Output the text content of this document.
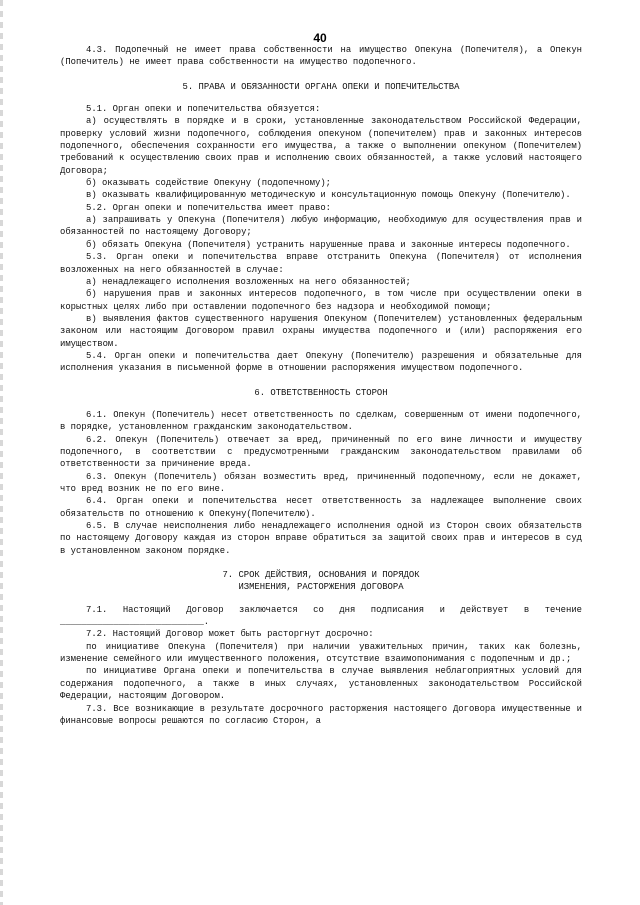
40

4.3. Подопечный не имеет права собственности на имущество Опекуна (Попечителя), а Опекун (Попечитель) не имеет права собственности на имущество подопечного.

5. ПРАВА И ОБЯЗАННОСТИ ОРГАНА ОПЕКИ И ПОПЕЧИТЕЛЬСТВА

5.1. Орган опеки и попечительства обязуется:

а) осуществлять в порядке и в сроки, установленные законодательством Российской Федерации, проверку условий жизни подопечного, соблюдения опекуном (попечителем) прав и законных интересов подопечного, обеспечения сохранности его имущества, а также о выполнении опекуном (Попечителем) требований к осуществлению своих прав и исполнению своих обязанностей, а также условий настоящего Договора;

б) оказывать содействие Опекуну (подопечному);

в) оказывать квалифицированную методическую и консультационную помощь Опекуну (Попечителю).

5.2. Орган опеки и попечительства имеет право:

а) запрашивать у Опекуна (Попечителя) любую информацию, необходимую для осуществления прав и обязанностей по настоящему Договору;

б) обязать Опекуна (Попечителя) устранить нарушенные права и законные интересы подопечного.

5.3. Орган опеки и попечительства вправе отстранить Опекуна (Попечителя) от исполнения возложенных на него обязанностей в случае:

а) ненадлежащего исполнения возложенных на него обязанностей;

б) нарушения прав и законных интересов подопечного, в том числе при осуществлении опеки в корыстных целях либо при оставлении подопечного без надзора и необходимой помощи;

в) выявления фактов существенного нарушения Опекуном (Попечителем) установленных федеральным законом или настоящим Договором правил охраны имущества подопечного и (или) распоряжения его имуществом.

5.4. Орган опеки и попечительства дает Опекуну (Попечителю) разрешения и обязательные для исполнения указания в письменной форме в отношении распоряжения имуществом подопечного.

6. ОТВЕТСТВЕННОСТЬ СТОРОН

6.1. Опекун (Попечитель) несет ответственность по сделкам, совершенным от имени подопечного, в порядке, установленном гражданским законодательством.

6.2. Опекун (Попечитель) отвечает за вред, причиненный по его вине личности и имуществу подопечного, в соответствии с предусмотренными гражданским законодательством правилами об ответственности за причинение вреда.

6.3. Опекун (Попечитель) обязан возместить вред, причиненный подопечному, если не докажет, что вред возник не по его вине.

6.4. Орган опеки и попечительства несет ответственность за надлежащее выполнение своих обязательств по отношению к Опекуну(Попечителю).

6.5. В случае неисполнения либо ненадлежащего исполнения одной из Сторон своих обязательств по настоящему Договору каждая из сторон вправе обратиться за защитой своих прав и интересов в суд в установленном законом порядке.

7. СРОК ДЕЙСТВИЯ, ОСНОВАНИЯ И ПОРЯДОК
ИЗМЕНЕНИЯ, РАСТОРЖЕНИЯ ДОГОВОРА

7.1. Настоящий Договор заключается со дня подписания и действует в течение ___________________________.

7.2. Настоящий Договор может быть расторгнут досрочно:

по инициативе Опекуна (Попечителя) при наличии уважительных причин, таких как болезнь, изменение семейного или имущественного положения, отсутствие взаимопонимания с подопечным и др.;

по инициативе Органа опеки и попечительства в случае выявления неблагоприятных условий для содержания подопечного, а также в иных случаях, установленных законодательством Российской Федерации, настоящим Договором.

7.3. Все возникающие в результате досрочного расторжения настоящего Договора имущественные и финансовые вопросы решаются по согласию Сторон, а
